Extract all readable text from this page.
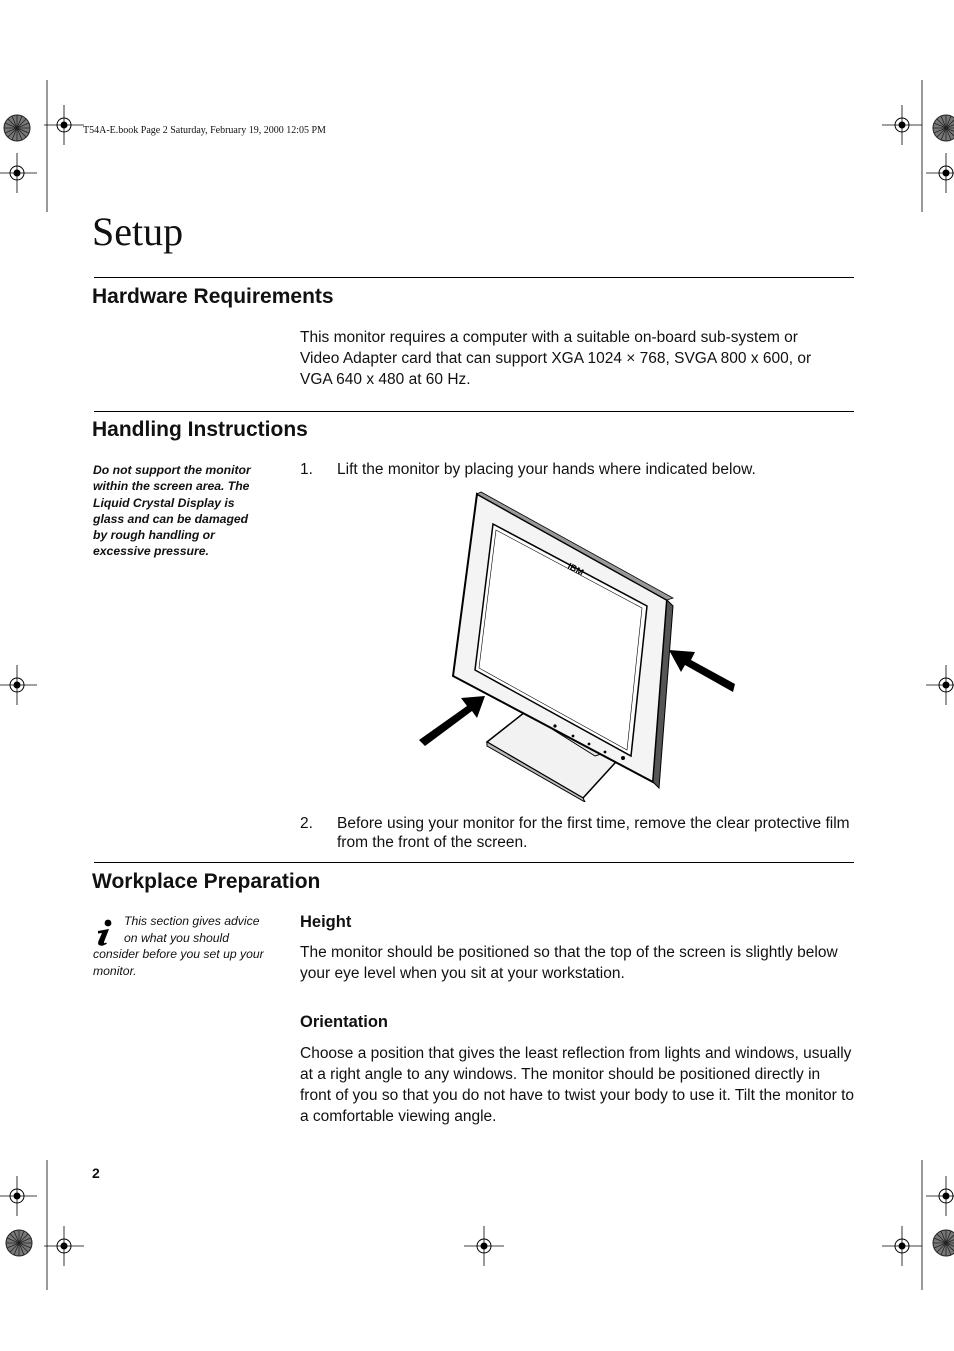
T54A-E.book Page 2 Saturday, February 19, 2000 12:05 PM
Setup
Hardware Requirements
This monitor requires a computer with a suitable on-board sub-system or
Video Adapter card that can support XGA 1024 × 768, SVGA 800 x 600, or
VGA 640 x 480 at 60 Hz.
Handling Instructions
Do not support the monitor
within the screen area. The
Liquid Crystal Display is
glass and can be damaged
by rough handling or
excessive pressure.
1. Lift the monitor by placing your hands where indicated below.
IBM
2. Before using your monitor for the first time, remove the clear protective film from the front of the screen.
Workplace Preparation
This section gives advice
on what you should
consider before you set up your
monitor.
Height

The monitor should be positioned so that the top of the screen is slightly below your eye level when you sit at your workstation.

Orientation

Choose a position that gives the least reflection from lights and windows, usually at a right angle to any windows. The monitor should be positioned directly in front of you so that you do not have to twist your body to use it. Tilt the monitor to a comfortable viewing angle.

2
